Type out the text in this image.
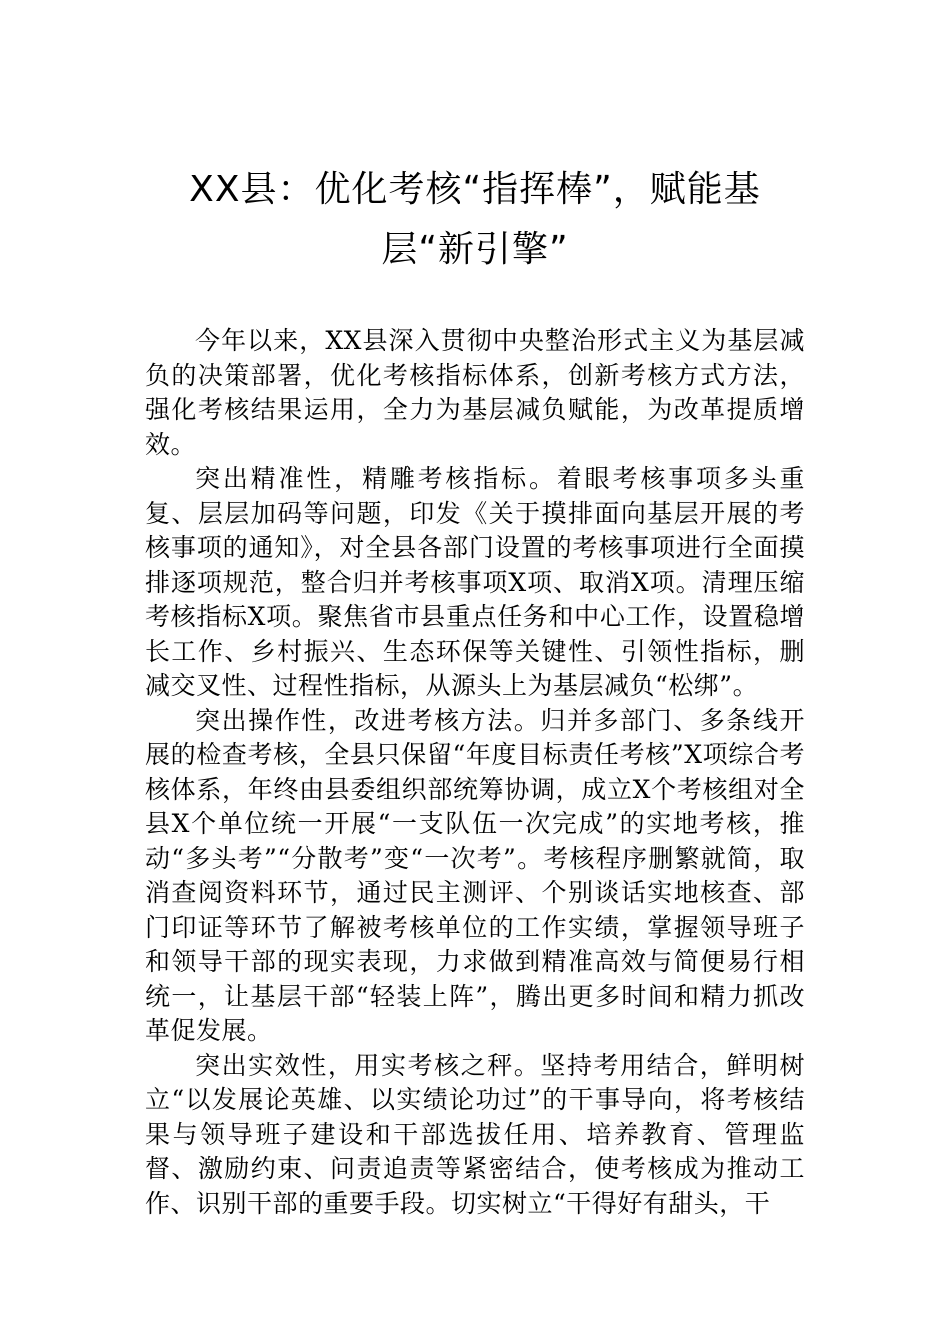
XX县：优化考核“指挥棒”，赋能基层“新引擎”

今年以来，XX县深入贯彻中央整治形式主义为基层减负的决策部署，优化考核指标体系，创新考核方式方法，强化考核结果运用，全力为基层减负赋能，为改革提质增效。

突出精准性，精雕考核指标。着眼考核事项多头重复、层层加码等问题，印发《关于摸排面向基层开展的考核事项的通知》，对全县各部门设置的考核事项进行全面摸排逐项规范，整合归并考核事项X项、取消X项。清理压缩考核指标X项。聚焦省市县重点任务和中心工作，设置稳增长工作、乡村振兴、生态环保等关键性、引领性指标，删减交叉性、过程性指标，从源头上为基层减负“松绑”。

突出操作性，改进考核方法。归并多部门、多条线开展的检查考核，全县只保留“年度目标责任考核”X项综合考核体系，年终由县委组织部统筹协调，成立X个考核组对全县X个单位统一开展“一支队伍一次完成”的实地考核，推动“多头考”“分散考”变“一次考”。考核程序删繁就简，取消查阅资料环节，通过民主测评、个别谈话实地核查、部门印证等环节了解被考核单位的工作实绩，掌握领导班子和领导干部的现实表现，力求做到精准高效与简便易行相统一，让基层干部“轻装上阵”，腾出更多时间和精力抓改革促发展。

突出实效性，用实考核之秤。坚持考用结合，鲜明树立“以发展论英雄、以实绩论功过”的干事导向，将考核结果与领导班子建设和干部选拔任用、培养教育、管理监督、激励约束、问责追责等紧密结合，使考核成为推动工作、识别干部的重要手段。切实树立“干得好有甜头，干
